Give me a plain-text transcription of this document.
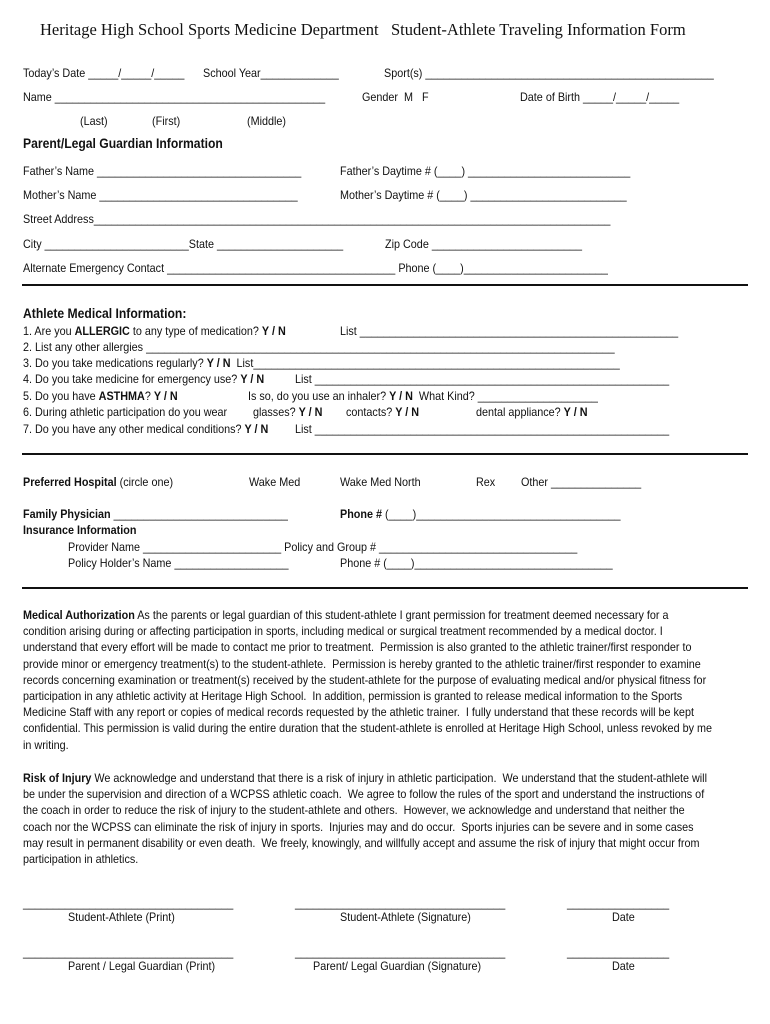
Heritage High School Sports Medicine Department   Student-Athlete Traveling Information Form
Today’s Date _____/_____/_____ School Year_____________	Sport(s) ________________________________________________
Name _____________________________________________	Gender  M   F	Date of Birth _____/_____/_____
(Last)	(First)	(Middle)
Parent/Legal Guardian Information
Father’s Name __________________________________	Father’s Daytime # (____) ___________________________
Mother’s Name _________________________________	Mother’s Daytime # (____) __________________________
Street Address______________________________________________________________________________________
City ________________________State _____________________	Zip Code _________________________
Alternate Emergency Contact ______________________________________ Phone (____)________________________
Athlete Medical Information:
1. Are you ALLERGIC to any type of medication? Y / N	List _____________________________________________________
2. List any other allergies ______________________________________________________________________________
3. Do you take medications regularly? Y / N  List_____________________________________________________________
4. Do you take medicine for emergency use? Y / N	List ___________________________________________________________
5. Do you have ASTHMA? Y / N	Is so, do you use an inhaler? Y / N  What Kind? ____________________
6. During athletic participation do you wear glasses? Y / N contacts? Y / N	dental appliance? Y / N
7. Do you have any other medical conditions? Y / N List ___________________________________________________________
Preferred Hospital (circle one)	Wake Med	Wake Med North	Rex Other _______________
Family Physician _____________________________	Phone # (____)__________________________________
Insurance Information
Provider Name _______________________ Policy and Group # _________________________________
Policy Holder’s Name ___________________	Phone # (____)_________________________________
Medical Authorization As the parents or legal guardian of this student-athlete I grant permission for treatment deemed necessary for a
condition arising during or affecting participation in sports, including medical or surgical treatment recommended by a medical doctor. I
understand that every effort will be made to contact me prior to treatment.  Permission is also granted to the athletic trainer/first responder to
provide minor or emergency treatment(s) to the student-athlete.  Permission is hereby granted to the athletic trainer/first responder to examine
records concerning examination or treatment(s) received by the student-athlete for the purpose of evaluating medical and/or physical fitness for
participation in any athletic activity at Heritage High School.  In addition, permission is granted to release medical information to the Sports
Medicine Staff with any report or copies of medical records requested by the athletic trainer.  I fully understand that these records will be kept
confidential. This permission is valid during the entire duration that the student-athlete is enrolled at Heritage High School, unless revoked by me
in writing.
Risk of Injury We acknowledge and understand that there is a risk of injury in athletic participation.  We understand that the student-athlete will
be under the supervision and direction of a WCPSS athletic coach.  We agree to follow the rules of the sport and understand the instructions of
the coach in order to reduce the risk of injury to the student-athlete and others.  However, we acknowledge and understand that neither the
coach nor the WCPSS can eliminate the risk of injury in sports.  Injuries may and do occur.  Sports injuries can be severe and in some cases
may result in permanent disability or even death.  We freely, knowingly, and willfully accept and assume the risk of injury that might occur from
participation in athletics.
___________________________________	___________________________________	_________________
Student-Athlete (Print)	Student-Athlete (Signature)	Date
___________________________________	___________________________________	_________________
Parent / Legal Guardian (Print)	Parent/ Legal Guardian (Signature)	Date
